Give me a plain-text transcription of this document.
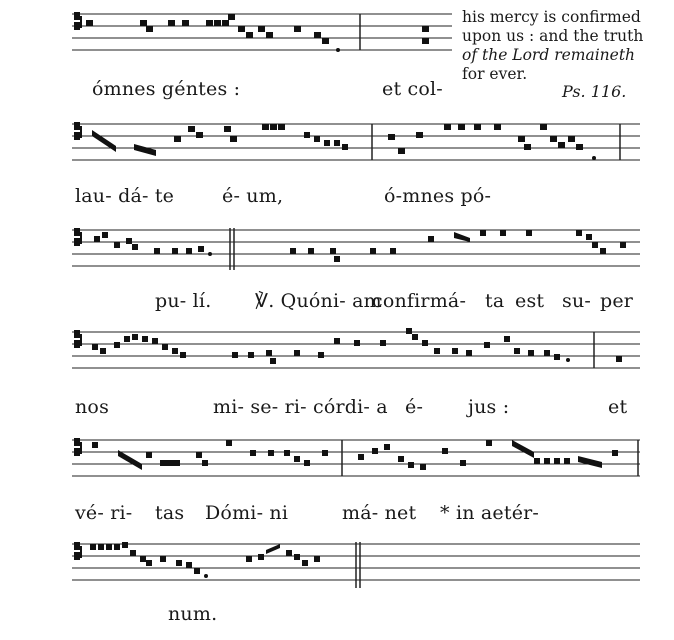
his mercy is confirmed
upon us : and the truth
of the Lord remaineth
for ever.
Ps. 116.
ómnes géntes :	et col-
lau- dá- te	é- um,	ó-mnes pó-
pu- lí. ℣. Quóni- am
confirmá- ta est su- per
nos	mi- se- ri- córdi- a é- jus :	et
vé- ri- tas Dómi- ni	má- net * in aetér-
num.
